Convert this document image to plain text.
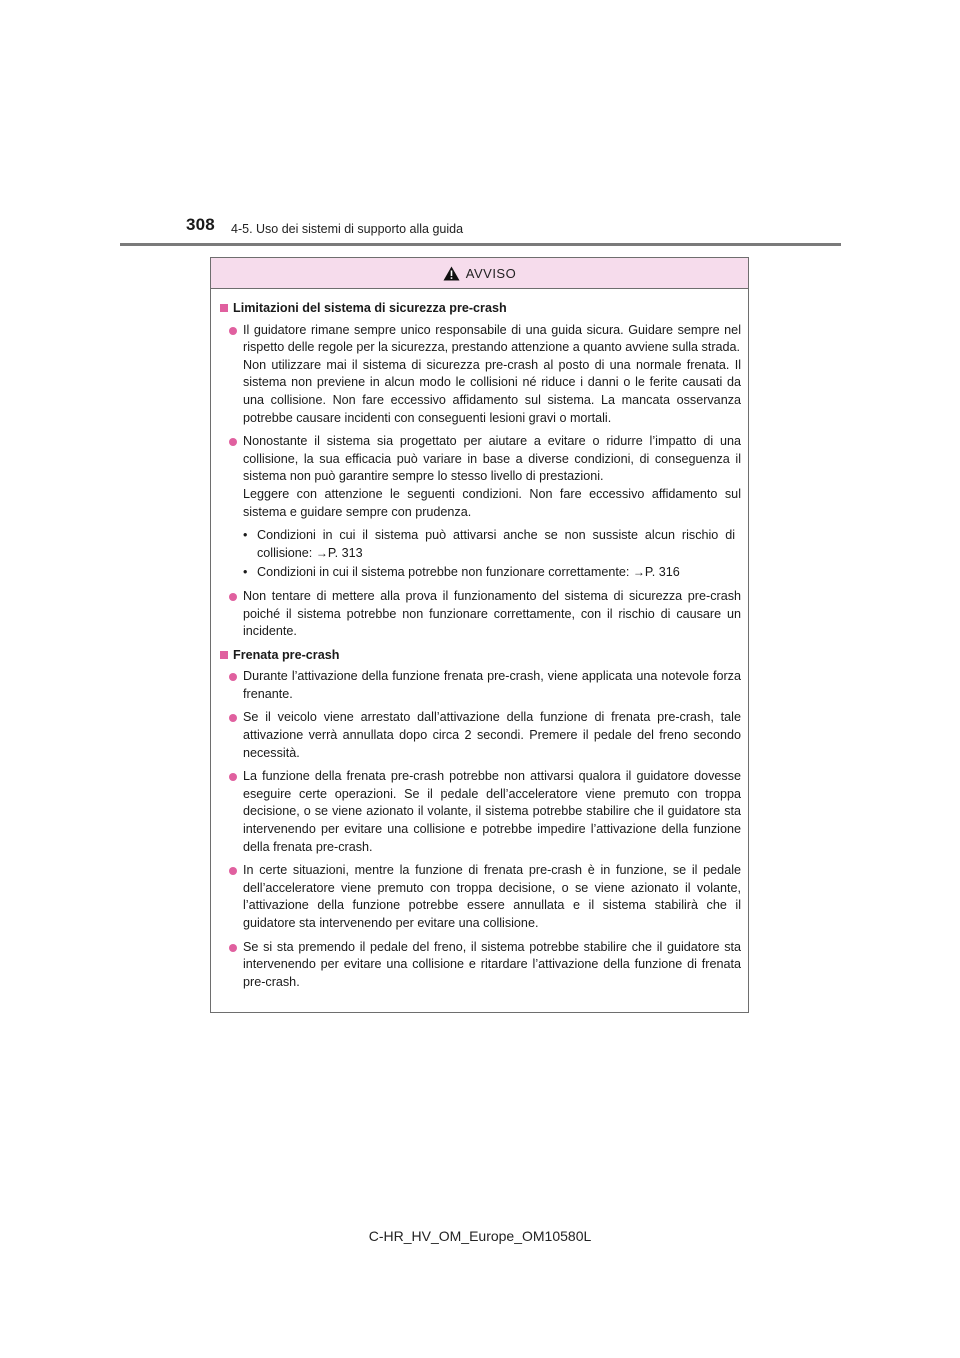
308 4-5. Uso dei sistemi di supporto alla guida
AVVISO
Limitazioni del sistema di sicurezza pre-crash
Il guidatore rimane sempre unico responsabile di una guida sicura. Guidare sempre nel rispetto delle regole per la sicurezza, prestando attenzione a quanto avviene sulla strada.
Non utilizzare mai il sistema di sicurezza pre-crash al posto di una normale frenata. Il sistema non previene in alcun modo le collisioni né riduce i danni o le ferite causati da una collisione. Non fare eccessivo affidamento sul sistema. La mancata osservanza potrebbe causare incidenti con conseguenti lesioni gravi o mortali.
Nonostante il sistema sia progettato per aiutare a evitare o ridurre l’impatto di una collisione, la sua efficacia può variare in base a diverse condizioni, di conseguenza il sistema non può garantire sempre lo stesso livello di prestazioni.
Leggere con attenzione le seguenti condizioni. Non fare eccessivo affidamento sul sistema e guidare sempre con prudenza.
• Condizioni in cui il sistema può attivarsi anche se non sussiste alcun rischio di collisione: →P. 313
• Condizioni in cui il sistema potrebbe non funzionare correttamente: →P. 316
Non tentare di mettere alla prova il funzionamento del sistema di sicurezza pre-crash poiché il sistema potrebbe non funzionare correttamente, con il rischio di causare un incidente.
Frenata pre-crash
Durante l’attivazione della funzione frenata pre-crash, viene applicata una notevole forza frenante.
Se il veicolo viene arrestato dall’attivazione della funzione di frenata pre-crash, tale attivazione verrà annullata dopo circa 2 secondi. Premere il pedale del freno secondo necessità.
La funzione della frenata pre-crash potrebbe non attivarsi qualora il guidatore dovesse eseguire certe operazioni. Se il pedale dell’acceleratore viene premuto con troppa decisione, o se viene azionato il volante, il sistema potrebbe stabilire che il guidatore sta intervenendo per evitare una collisione e potrebbe impedire l’attivazione della funzione della frenata pre-crash.
In certe situazioni, mentre la funzione di frenata pre-crash è in funzione, se il pedale dell’acceleratore viene premuto con troppa decisione, o se viene azionato il volante, l’attivazione della funzione potrebbe essere annullata e il sistema stabilirà che il guidatore sta intervenendo per evitare una collisione.
Se si sta premendo il pedale del freno, il sistema potrebbe stabilire che il guidatore sta intervenendo per evitare una collisione e ritardare l’attivazione della funzione di frenata pre-crash.
C-HR_HV_OM_Europe_OM10580L
